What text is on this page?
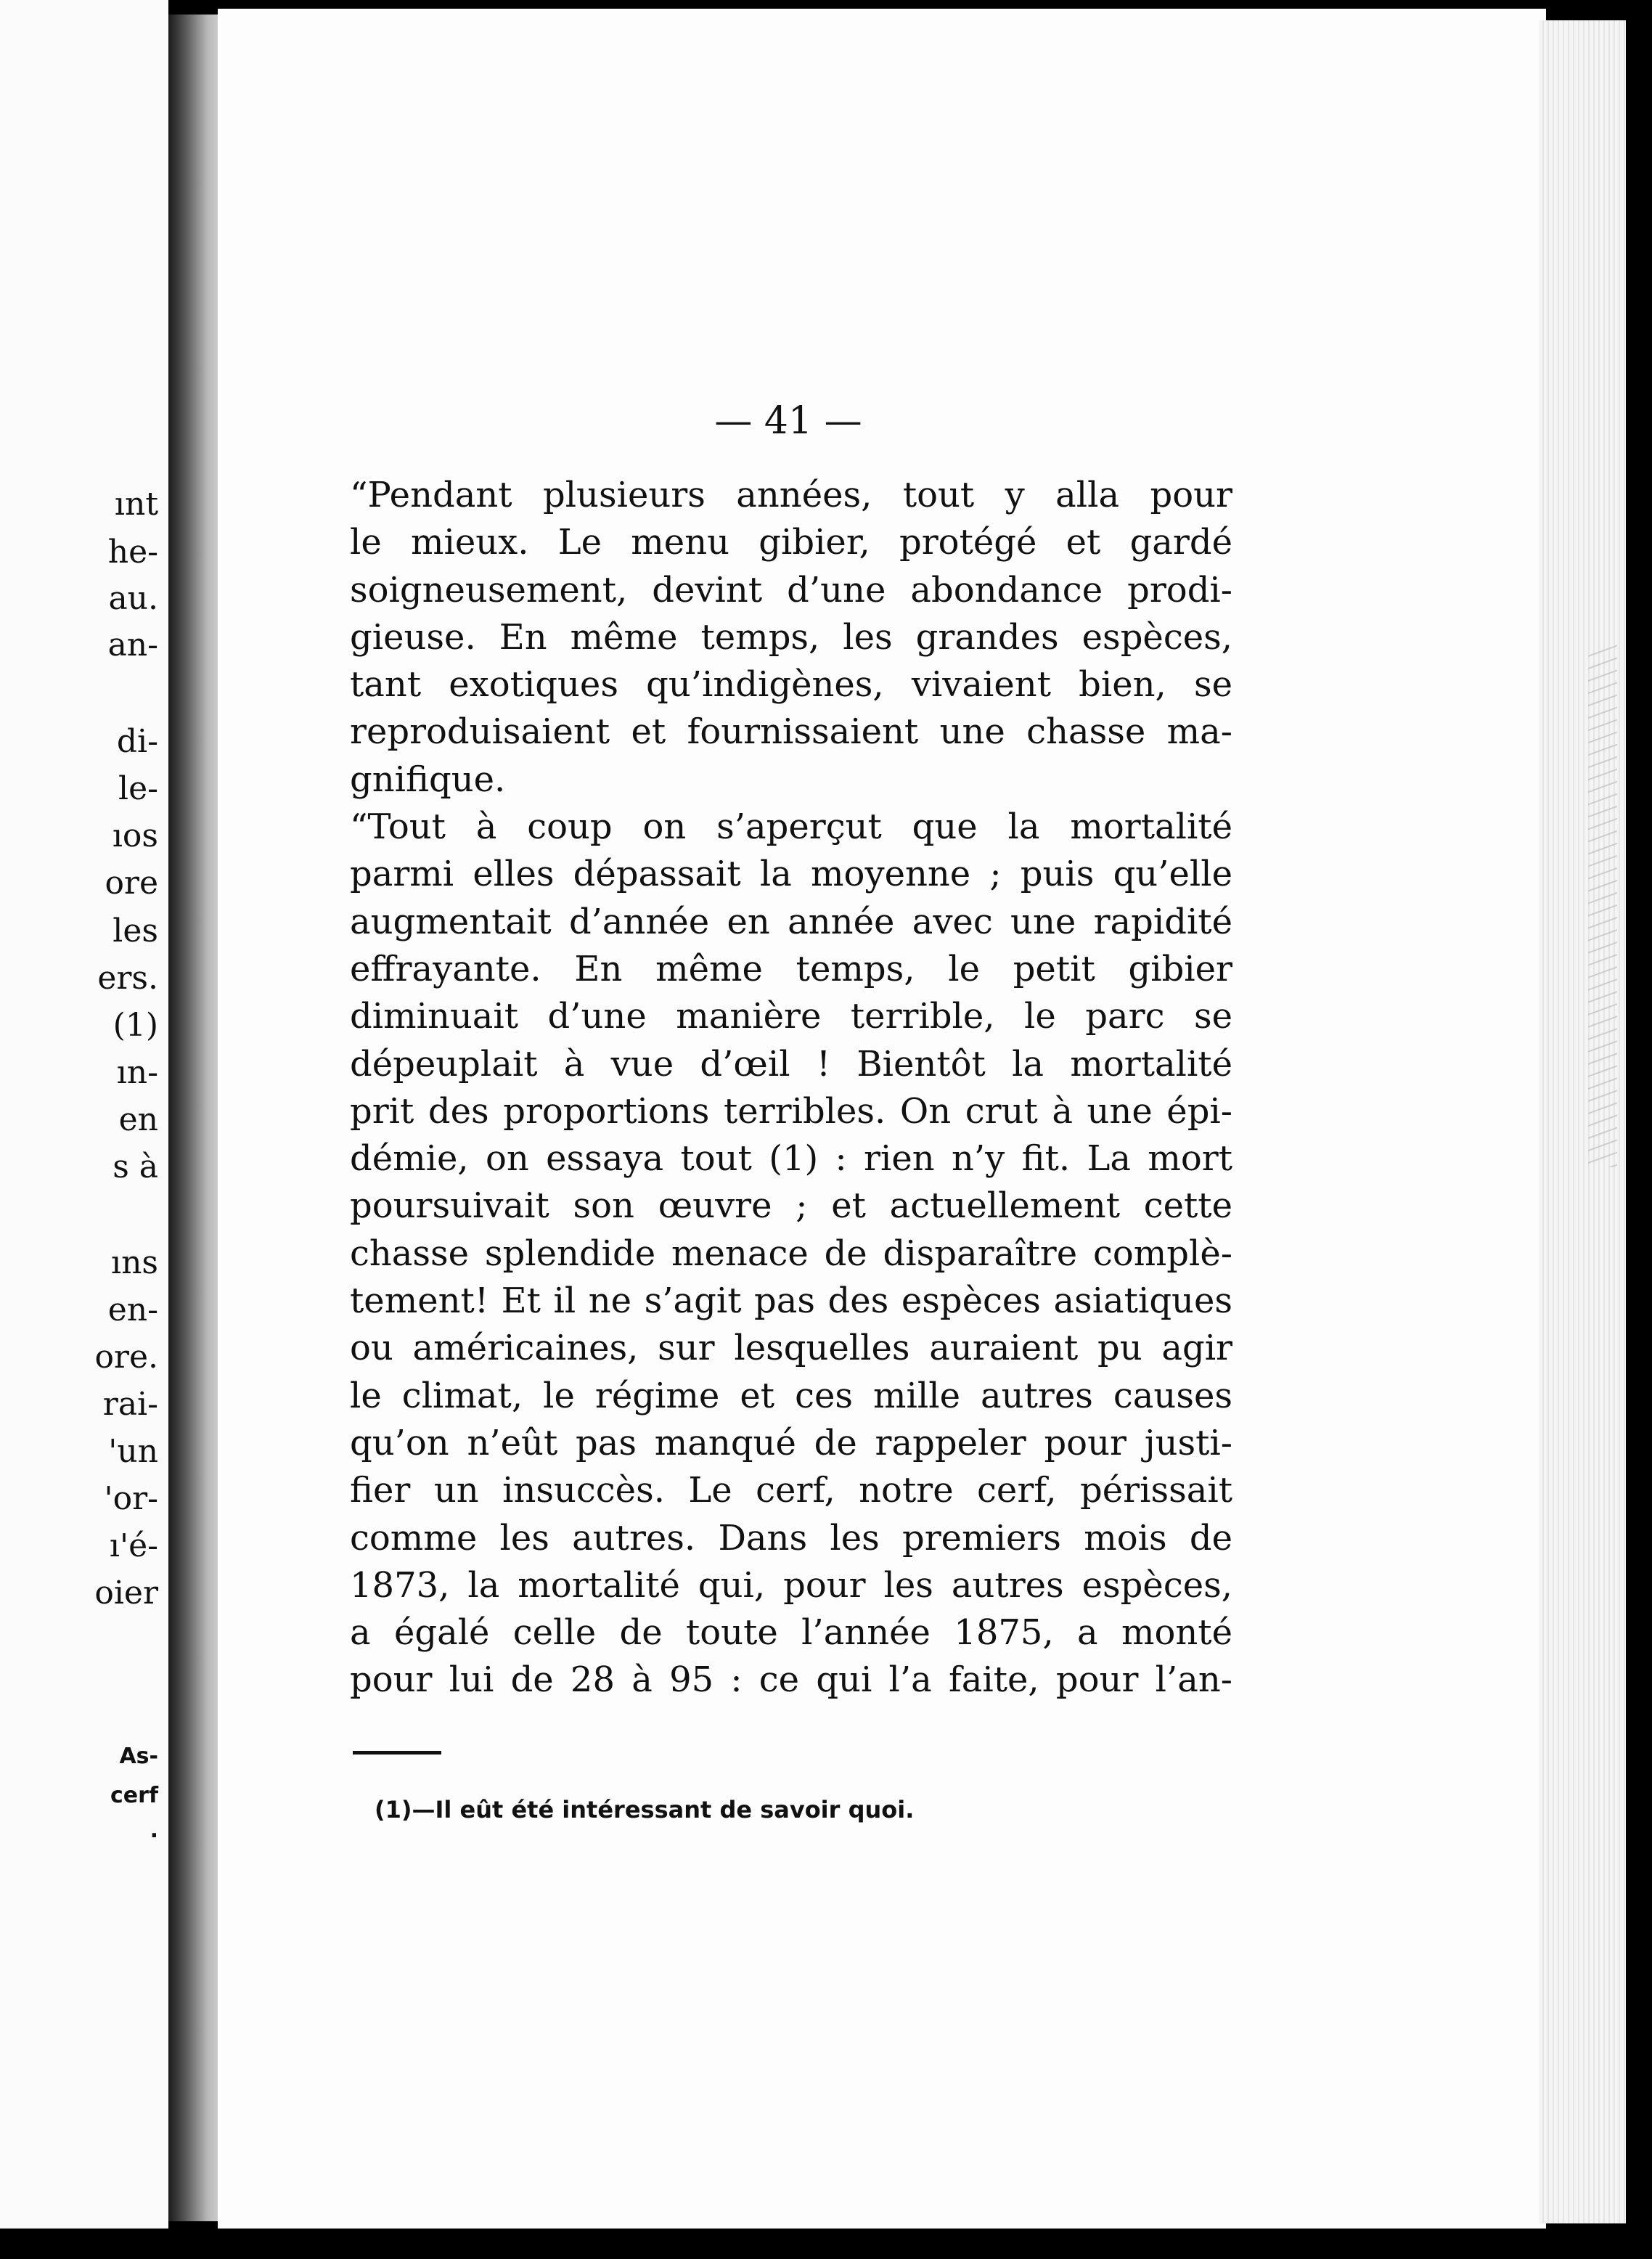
ınt
he-
au.
an-
di-
le-
ıos
ore
les
ers.
(1)
ın-
en
s à
ıns
en-
ore.
rai-
'un
'or-
ı'é-
oier
As-
cerf
.
— 41 —
“Pendant plusieurs années, tout y alla pour
le mieux. Le menu gibier, protégé et gardé
soigneusement, devint d’une abondance prodi-
gieuse. En même temps, les grandes espèces,
tant exotiques qu’indigènes, vivaient bien, se
reproduisaient et fournissaient une chasse ma-
gnifique.
“Tout à coup on s’aperçut que la mortalité
parmi elles dépassait la moyenne ; puis qu’elle
augmentait d’année en année avec une rapidité
effrayante. En même temps, le petit gibier
diminuait d’une manière terrible, le parc se
dépeuplait à vue d’œil ! Bientôt la mortalité
prit des proportions terribles. On crut à une épi-
démie, on essaya tout (1) : rien n’y fit. La mort
poursuivait son œuvre ; et actuellement cette
chasse splendide menace de disparaître complè-
tement! Et il ne s’agit pas des espèces asiatiques
ou américaines, sur lesquelles auraient pu agir
le climat, le régime et ces mille autres causes
qu’on n’eût pas manqué de rappeler pour justi-
fier un insuccès. Le cerf, notre cerf, périssait
comme les autres. Dans les premiers mois de
1873, la mortalité qui, pour les autres espèces,
a égalé celle de toute l’année 1875, a monté
pour lui de 28 à 95 : ce qui l’a faite, pour l’an-
(1)—Il eût été intéressant de savoir quoi.
